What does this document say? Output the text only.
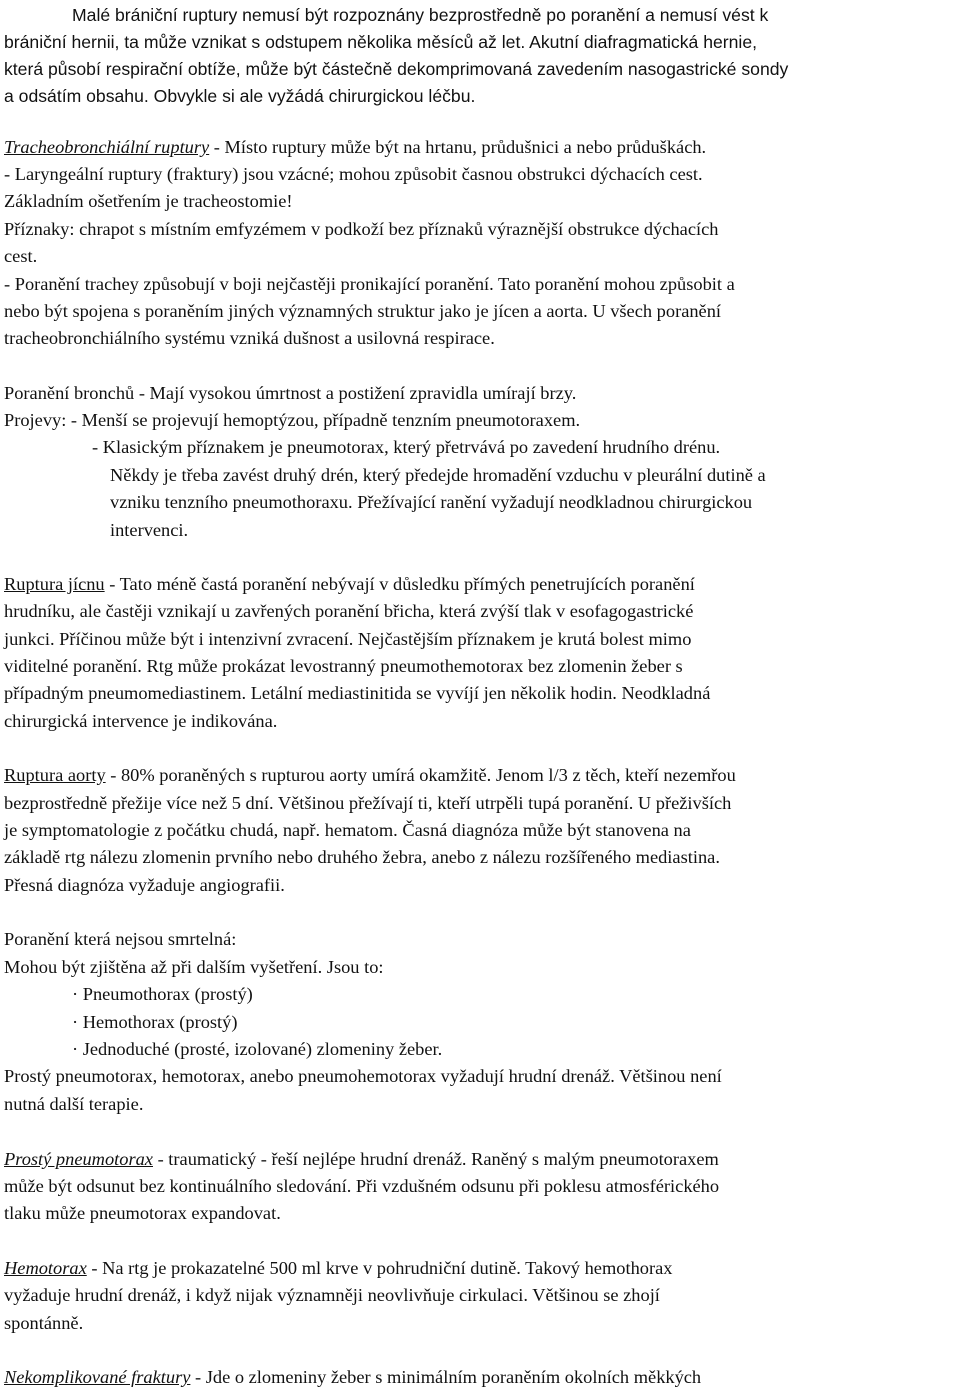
Malé brániční ruptury nemusí být rozpoznány bezprostředně po poranění a nemusí vést k
brániční hernii, ta může vznikat s odstupem několika měsíců až let. Akutní diafragmatická hernie,
která působí respirační obtíže, může být částečně dekomprimovaná zavedením nasogastrické sondy
a odsátím obsahu. Obvykle si ale vyžádá chirurgickou léčbu.
Tracheobronchiální ruptury - Místo ruptury může být na hrtanu, průdušnici a nebo průduškách.
- Laryngeální ruptury (fraktury) jsou vzácné; mohou způsobit časnou obstrukci dýchacích cest.
Základním ošetřením je tracheostomie!
Příznaky: chrapot s místním emfyzémem v podkoží bez příznaků výraznější obstrukce dýchacích
cest.
- Poranění trachey způsobují v boji nejčastěji pronikající poranění. Tato poranění mohou způsobit a
nebo být spojena s poraněním jiných významných struktur jako je jícen a aorta. U všech poranění
tracheobronchiálního systému vzniká dušnost a usilovná respirace.
Poranění bronchů - Mají vysokou úmrtnost a postižení zpravidla umírají brzy.
Projevy: - Menší se projevují hemoptýzou, případně tenzním pneumotoraxem.
- Klasickým příznakem je pneumotorax, který přetrvává po zavedení hrudního drénu.
Někdy je třeba zavést druhý drén, který předejde hromadění vzduchu v pleurální dutině a
vzniku tenzního pneumothoraxu. Přežívající ranění vyžadují neodkladnou chirurgickou
intervenci.
Ruptura jícnu - Tato méně častá poranění nebývají v důsledku přímých penetrujících poranění
hrudníku, ale častěji vznikají u zavřených poranění břicha, která zvýší tlak v esofagogastrické
junkci. Příčinou může být i intenzivní zvracení. Nejčastějším příznakem je krutá bolest mimo
viditelné poranění. Rtg může prokázat levostranný pneumothemotorax bez zlomenin žeber s
případným pneumomediastinem. Letální mediastinitida se vyvíjí jen několik hodin. Neodkladná
chirurgická intervence je indikována.
Ruptura aorty - 80% poraněných s rupturou aorty umírá okamžitě. Jenom l/3 z těch, kteří nezemřou
bezprostředně přežije více než 5 dní. Většinou přežívají ti, kteří utrpěli tupá poranění. U přeživších
je symptomatologie z počátku chudá, např. hematom. Časná diagnóza může být stanovena na
základě rtg nálezu zlomenin prvního nebo druhého žebra, anebo z nálezu rozšířeného mediastina.
Přesná diagnóza vyžaduje angiografii.
Poranění která nejsou smrtelná:
Mohou být zjištěna až při dalším vyšetření. Jsou to:
· Pneumothorax (prostý)
· Hemothorax (prostý)
· Jednoduché (prosté, izolované) zlomeniny žeber.
Prostý pneumotorax, hemotorax, anebo pneumohemotorax vyžadují hrudní drenáž. Většinou není
nutná další terapie.
Prostý pneumotorax - traumatický - řeší nejlépe hrudní drenáž. Raněný s malým pneumotoraxem
může být odsunut bez kontinuálního sledování. Při vzdušném odsunu při poklesu atmosférického
tlaku může pneumotorax expandovat.
Hemotorax - Na rtg je prokazatelné 500 ml krve v pohrudniční dutině. Takový hemothorax
vyžaduje hrudní drenáž, i když nijak významněji neovlivňuje cirkulaci. Většinou se zhojí
spontánně.
Nekomplikované fraktury - Jde o zlomeniny žeber s minimálním poraněním okolních měkkých
